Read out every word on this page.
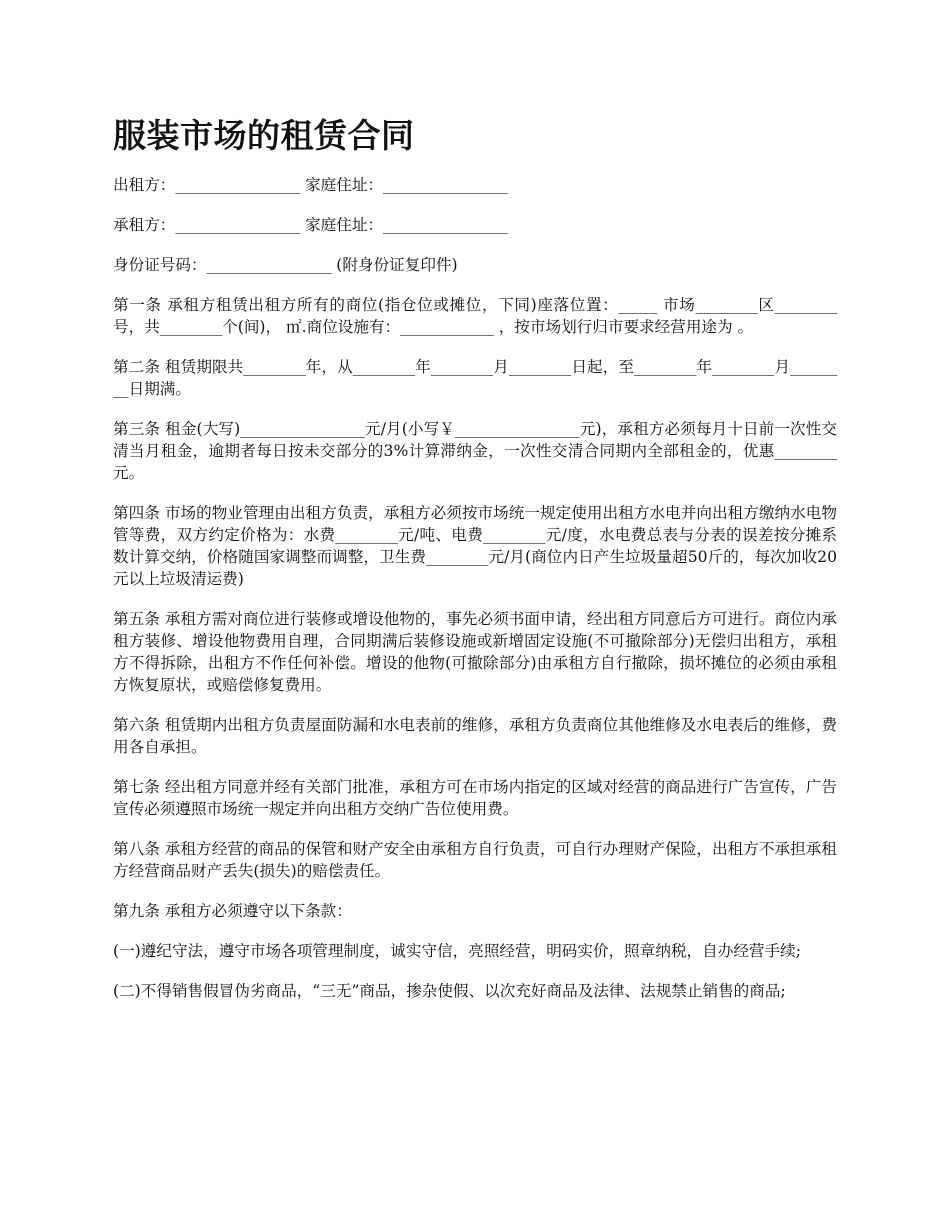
服装市场的租赁合同

出租方：________________ 家庭住址：________________

承租方：________________ 家庭住址：________________

身份证号码：________________ (附身份证复印件)

第一条 承租方租赁出租方所有的商位(指仓位或摊位，下同)座落位置：_____ 市场________区________号，共________个(间)， ㎡.商位设施有：____________ ，按市场划行归市要求经营用途为 。

第二条 租赁期限共________年，从________年________月________日起，至________年________月________日期满。

第三条 租金(大写)________________元/月(小写￥________________元)，承租方必须每月十日前一次性交清当月租金，逾期者每日按未交部分的3%计算滞纳金，一次性交清合同期内全部租金的，优惠________元。

第四条 市场的物业管理由出租方负责，承租方必须按市场统一规定使用出租方水电并向出租方缴纳水电物管等费，双方约定价格为：水费________元/吨、电费________元/度，水电费总表与分表的误差按分摊系数计算交纳，价格随国家调整而调整，卫生费________元/月(商位内日产生垃圾量超50斤的，每次加收20元以上垃圾清运费)

第五条 承租方需对商位进行装修或增设他物的，事先必须书面申请，经出租方同意后方可进行。商位内承租方装修、增设他物费用自理，合同期满后装修设施或新增固定设施(不可撤除部分)无偿归出租方，承租方不得拆除，出租方不作任何补偿。增设的他物(可撤除部分)由承租方自行撤除，损坏摊位的必须由承租方恢复原状，或赔偿修复费用。

第六条 租赁期内出租方负责屋面防漏和水电表前的维修，承租方负责商位其他维修及水电表后的维修，费用各自承担。

第七条 经出租方同意并经有关部门批准，承租方可在市场内指定的区域对经营的商品进行广告宣传，广告宣传必须遵照市场统一规定并向出租方交纳广告位使用费。

第八条 承租方经营的商品的保管和财产安全由承租方自行负责，可自行办理财产保险，出租方不承担承租方经营商品财产丢失(损失)的赔偿责任。

第九条 承租方必须遵守以下条款：

(一)遵纪守法，遵守市场各项管理制度，诚实守信，亮照经营，明码实价，照章纳税，自办经营手续;

(二)不得销售假冒伪劣商品，“三无”商品，掺杂使假、以次充好商品及法律、法规禁止销售的商品;
